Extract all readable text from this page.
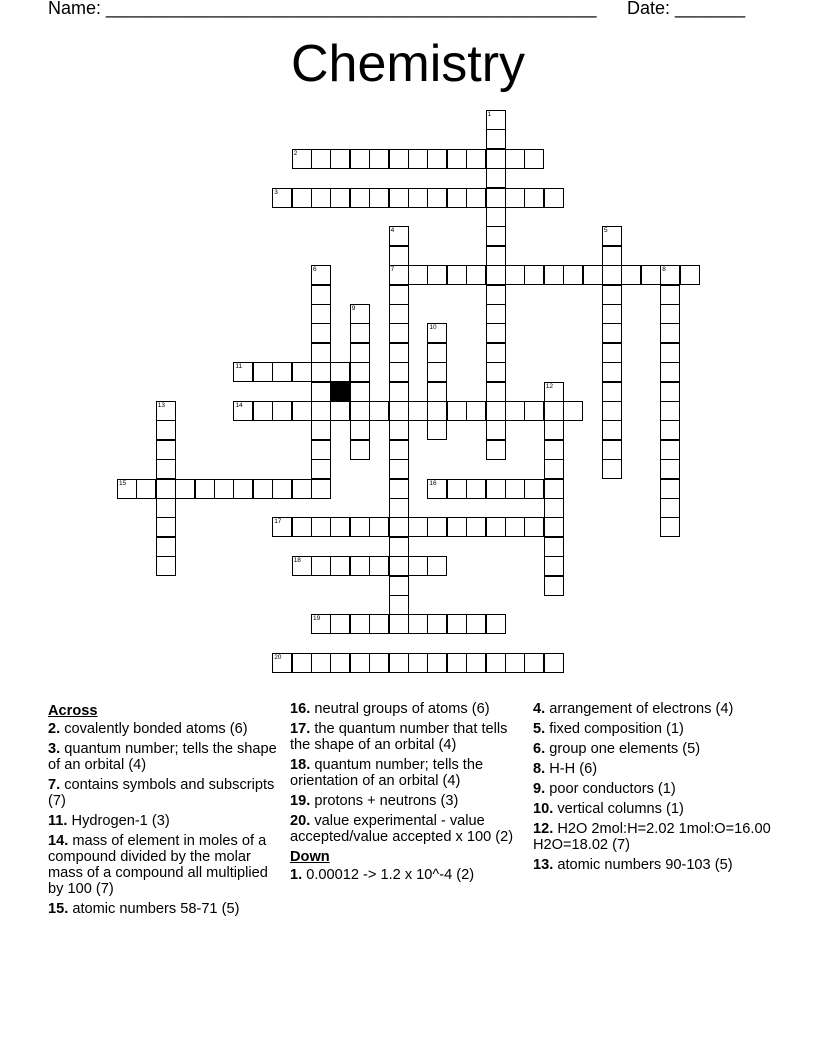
Name: _________________________________________________ Date: _______
Chemistry
1
2
3
4
7
5
6	8
9
10
11
12
13	14
15	16
17
18
19
20
Across
2. covalently bonded atoms (6)
3. quantum number; tells the shape of an orbital (4)
7. contains symbols and subscripts (7)
11. Hydrogen-1 (3)
14. mass of element in moles of a compound divided by the molar mass of a compound all multiplied by 100 (7)
15. atomic numbers 58-71 (5)
16. neutral groups of atoms (6)
17. the quantum number that tells the shape of an orbital (4)
18. quantum number; tells the orientation of an orbital (4)
19. protons + neutrons (3)
20. value experimental - value accepted/value accepted x 100 (2)
Down
1. 0.00012 -> 1.2 x 10^-4 (2)
4. arrangement of electrons (4)
5. fixed composition (1)
6. group one elements (5)
8. H-H (6)
9. poor conductors (1)
10. vertical columns (1)
12. H2O 2mol:H=2.02 1mol:O=16.00 H2O=18.02 (7)
13. atomic numbers 90-103 (5)
